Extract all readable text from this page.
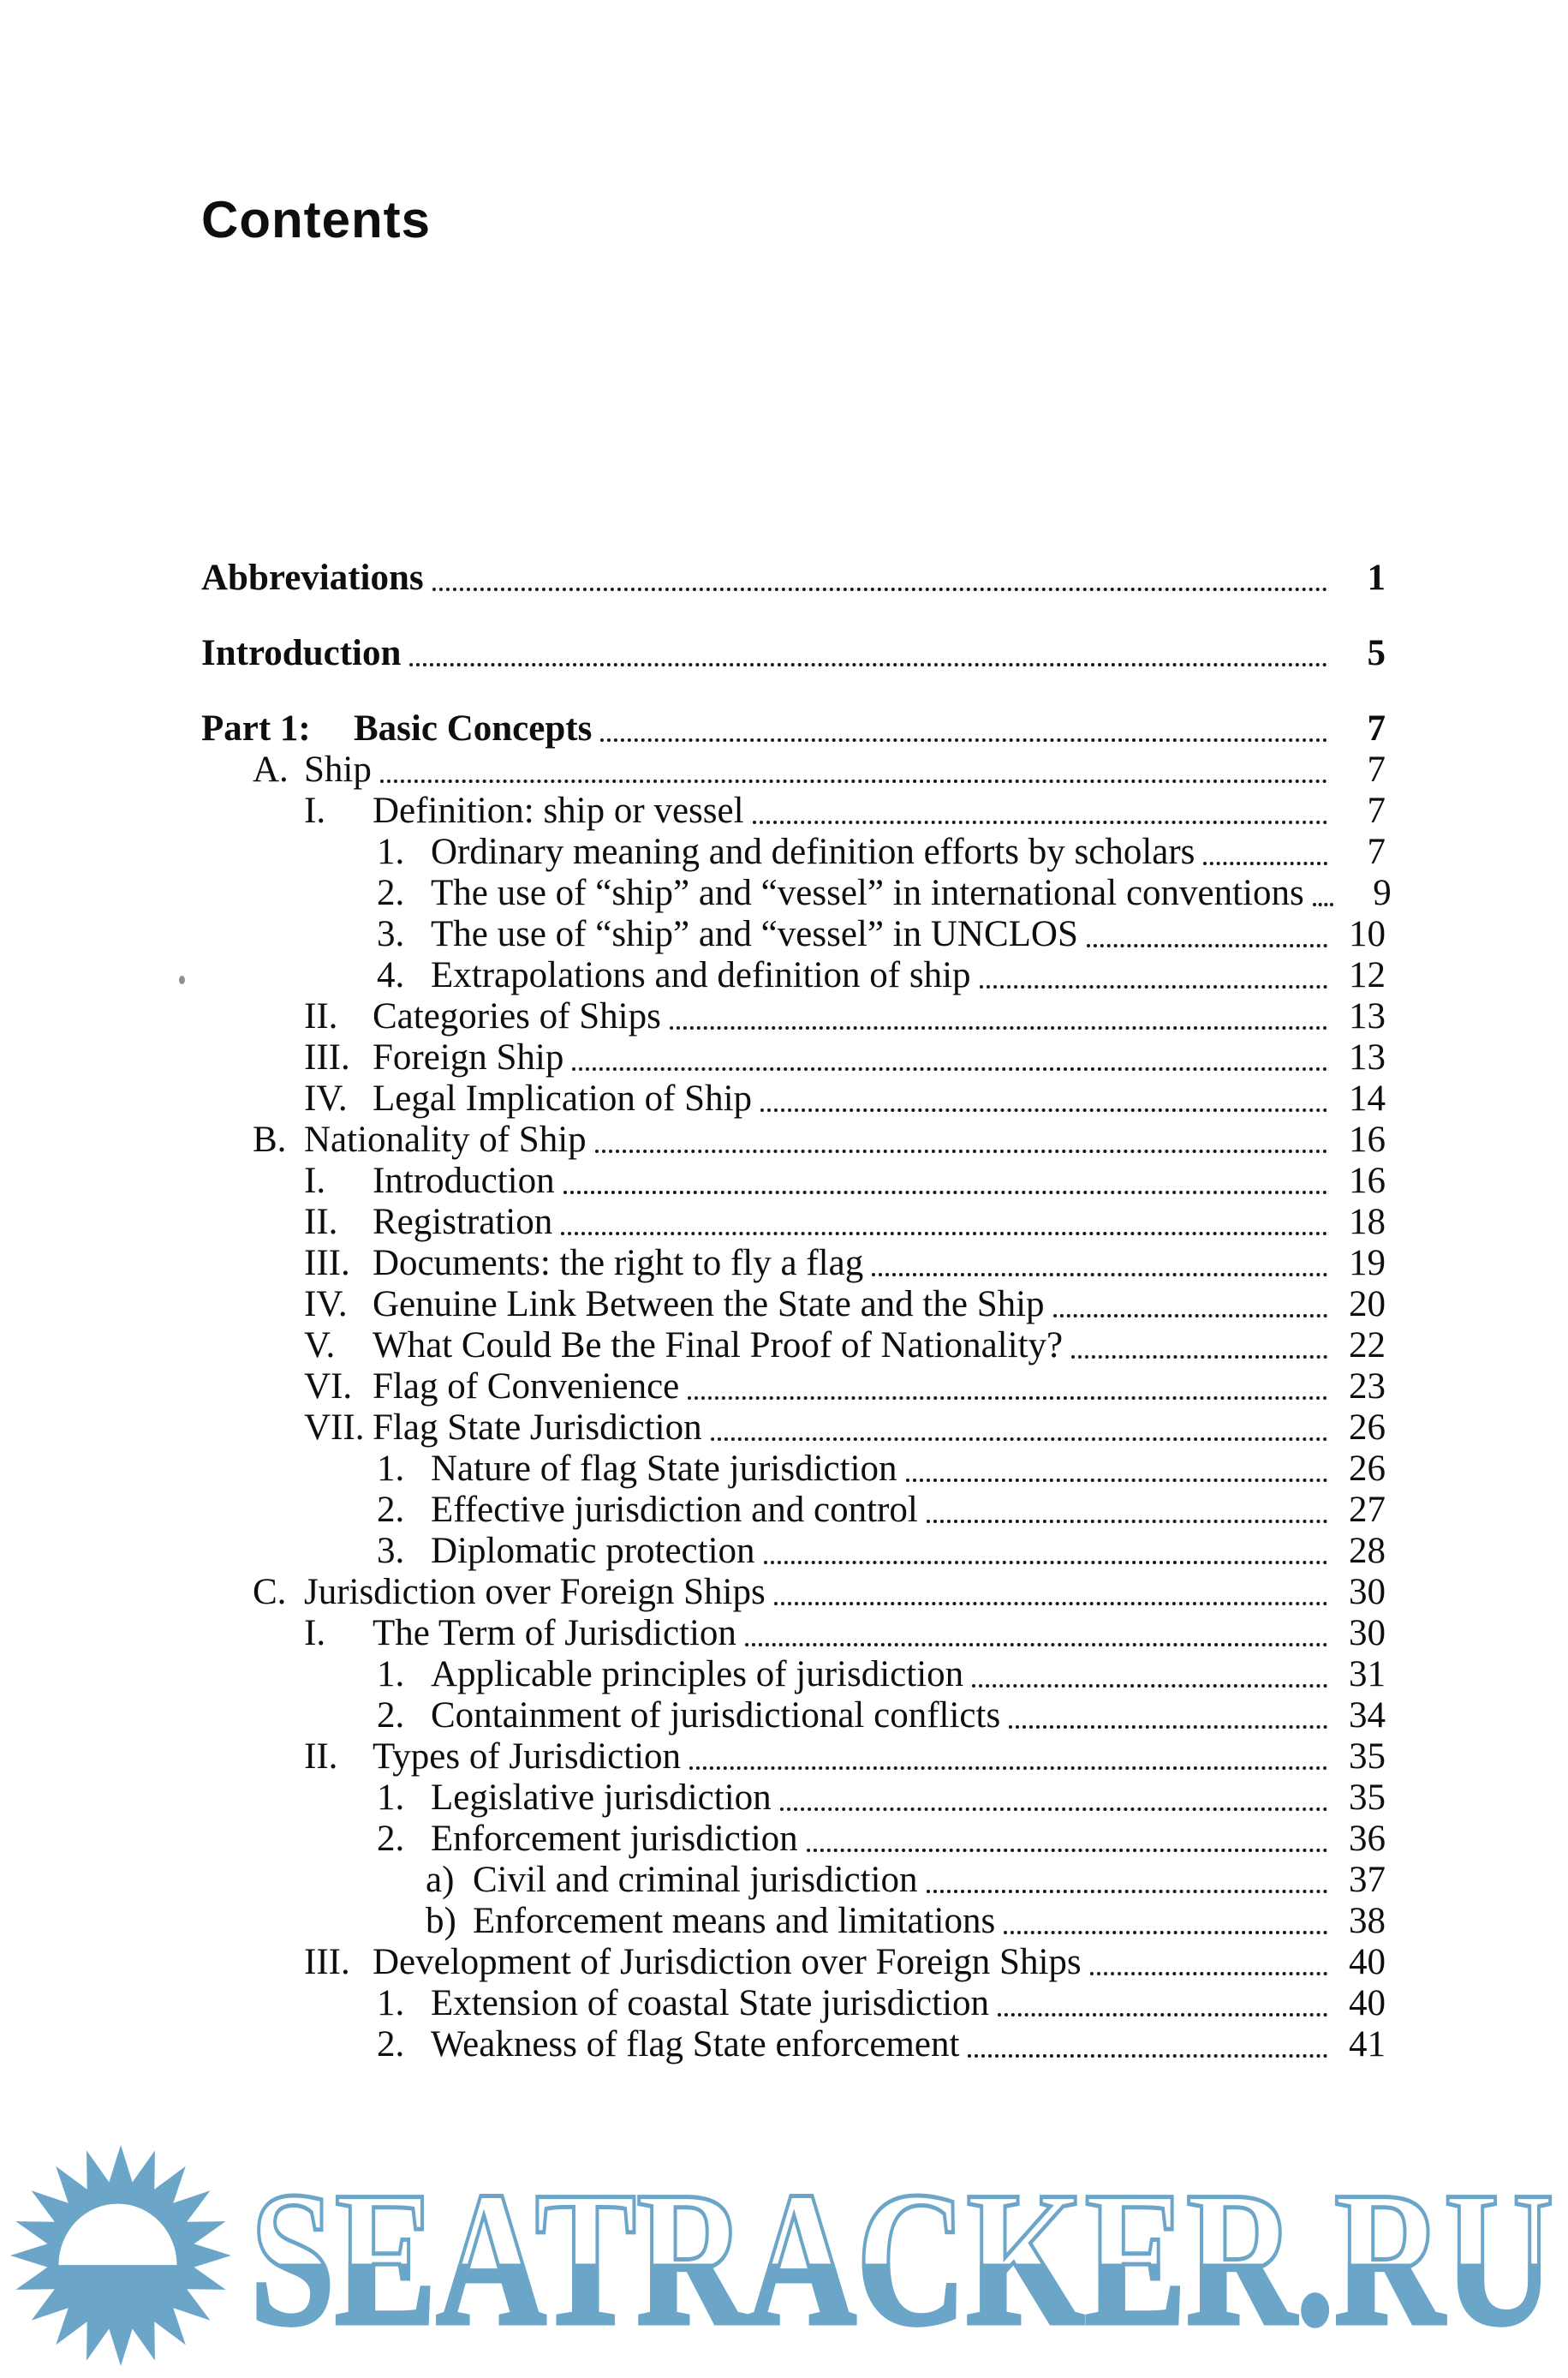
Contents
Abbreviations	1
Introduction	5
Part 1:	Basic Concepts	7
A. Ship	7
I.	Definition: ship or vessel	7
1. Ordinary meaning and definition efforts by scholars	7
2. The use of “ship” and “vessel” in international conventions	9
3. The use of “ship” and “vessel” in UNCLOS	10
4. Extrapolations and definition of ship	12
II. Categories of Ships	13
III. Foreign Ship	13
IV. Legal Implication of Ship	14
B. Nationality of Ship	16
I.	Introduction	16
II. Registration	18
III. Documents: the right to fly a flag	19
IV. Genuine Link Between the State and the Ship	20
V.	What Could Be the Final Proof of Nationality?	22
VI. Flag of Convenience	23
VII. Flag State Jurisdiction	26
1. Nature of flag State jurisdiction	26
2. Effective jurisdiction and control	27
3. Diplomatic protection	28
C. Jurisdiction over Foreign Ships	30
I.	The Term of Jurisdiction	30
1. Applicable principles of jurisdiction	31
2. Containment of jurisdictional conflicts	34
II. Types of Jurisdiction	35
1. Legislative jurisdiction	35
2. Enforcement jurisdiction	36
a) Civil and criminal jurisdiction	37
b) Enforcement means and limitations	38
III. Development of Jurisdiction over Foreign Ships	40
1. Extension of coastal State jurisdiction	40
2. Weakness of flag State enforcement	41
SEATRACKER.RU
